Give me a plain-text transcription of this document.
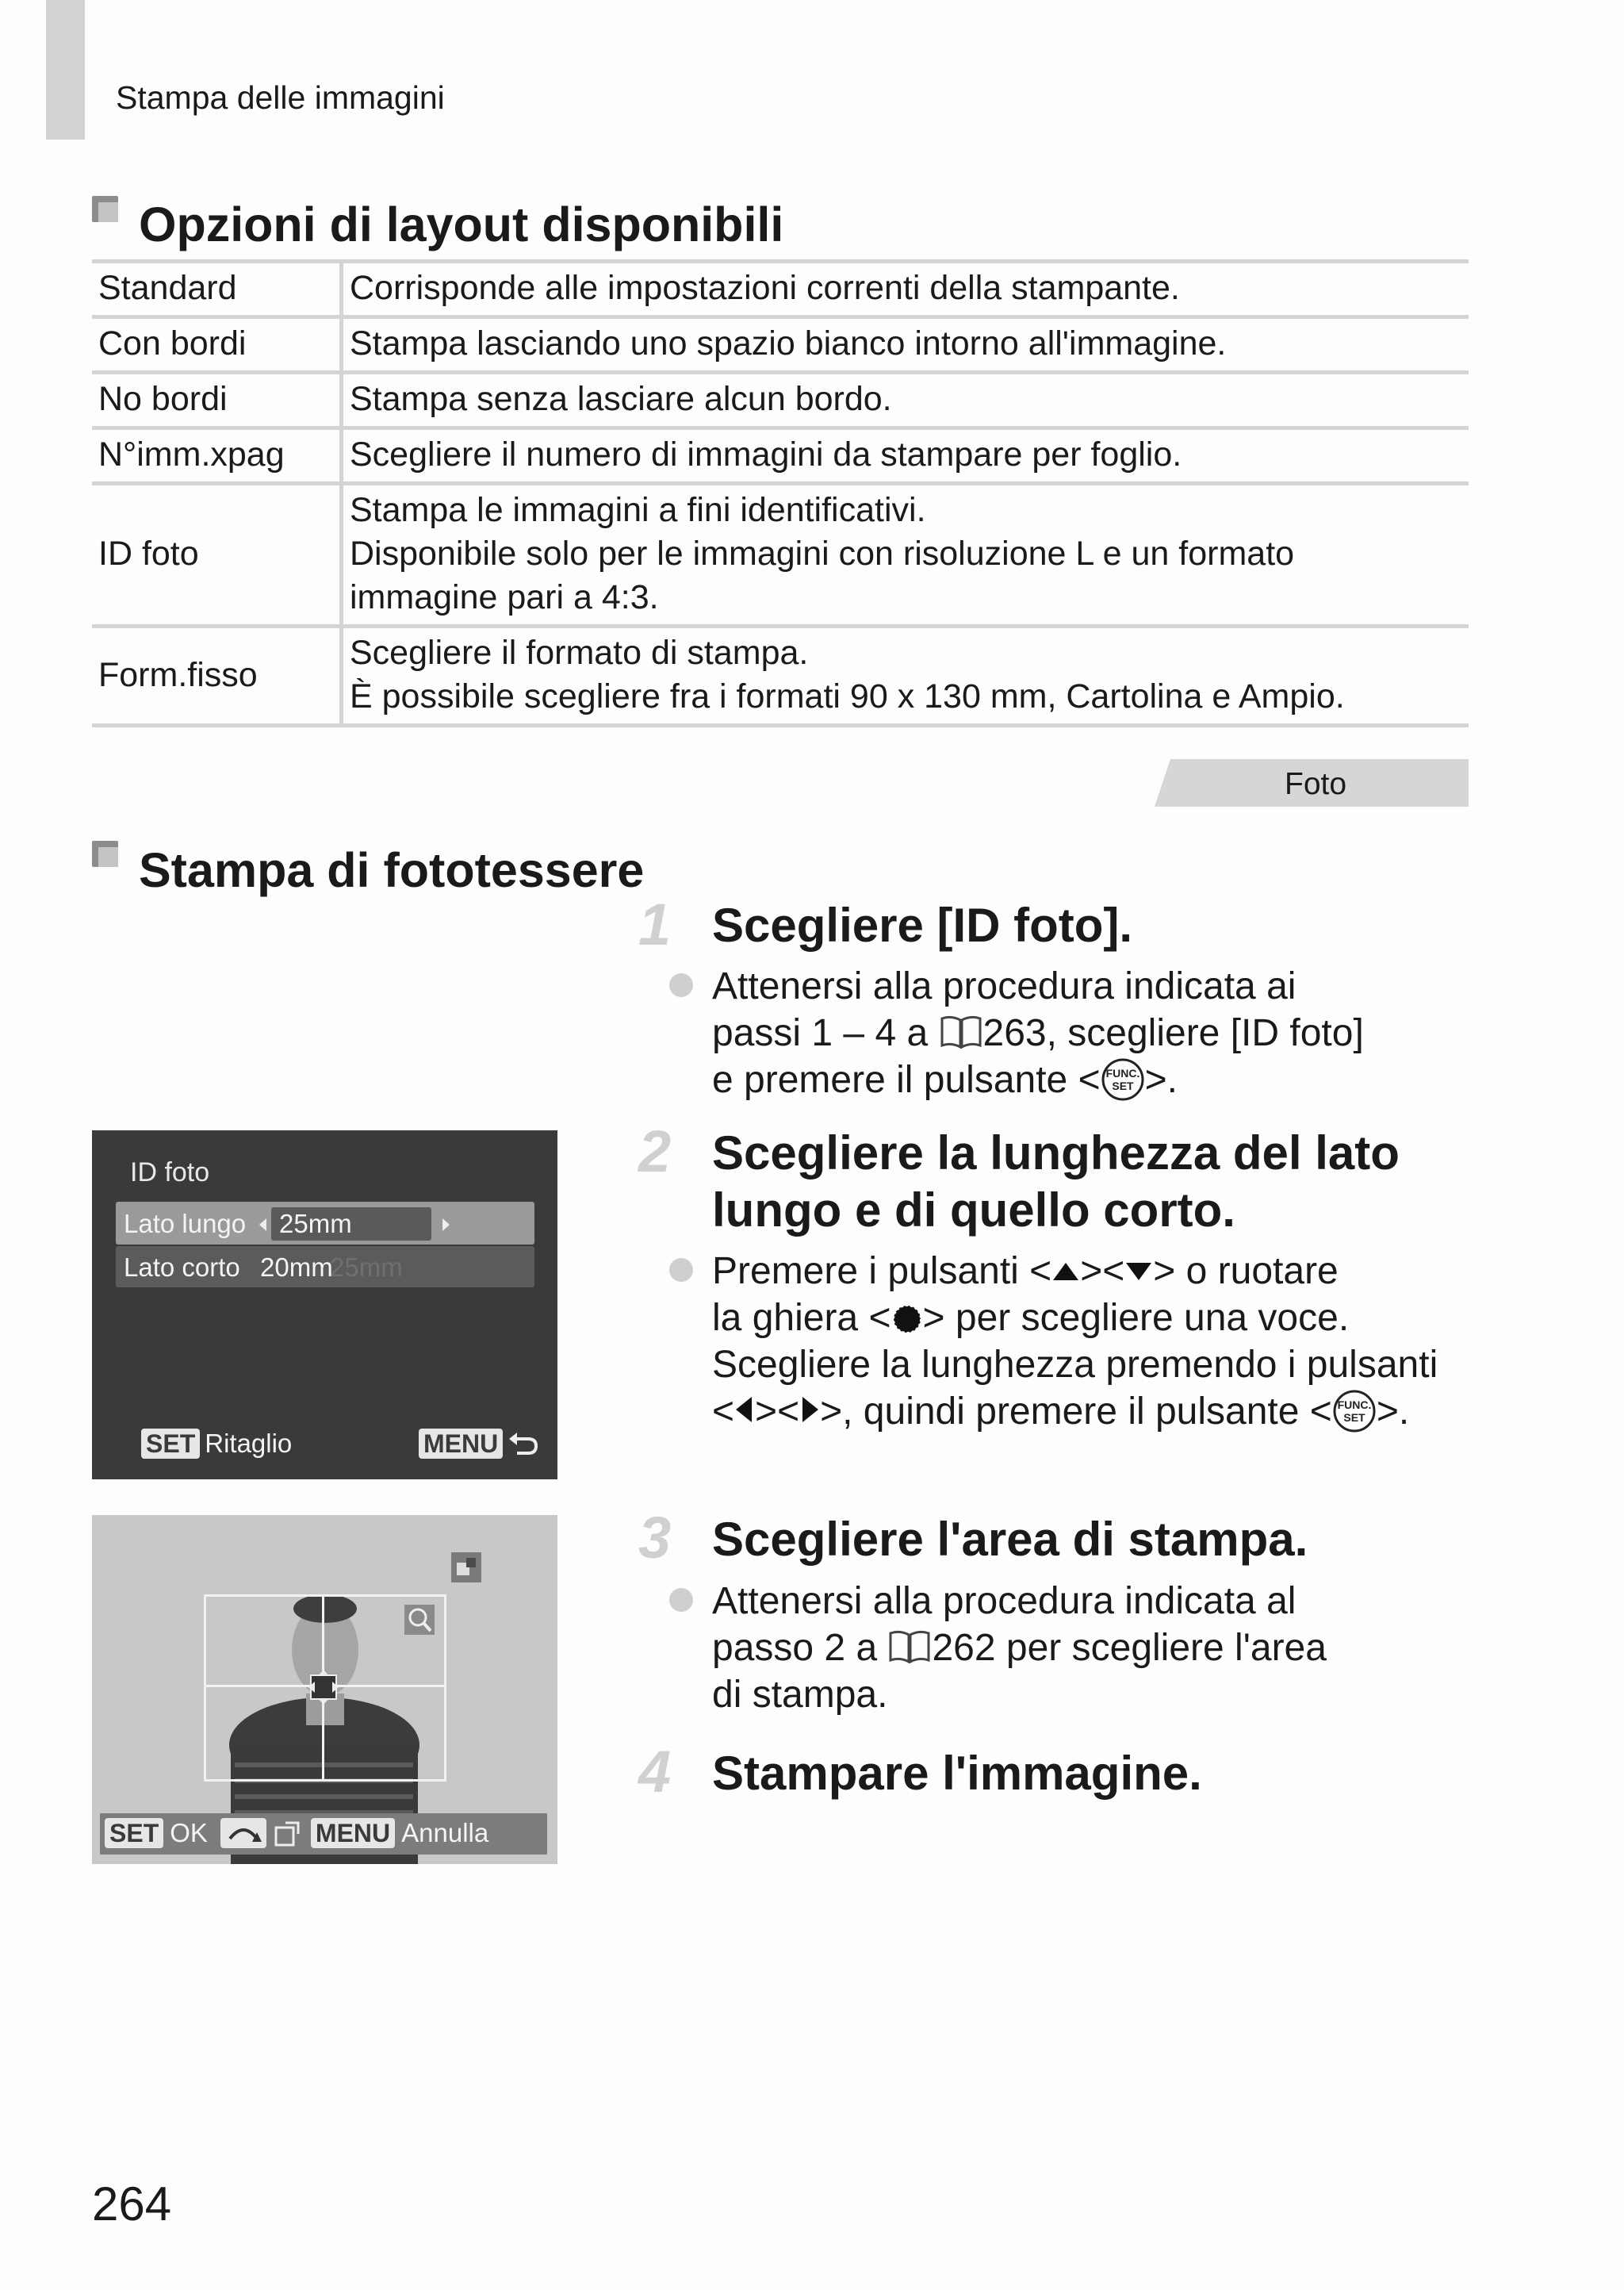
Stampa delle immagini
Opzioni di layout disponibili
Standard	Corrisponde alle impostazioni correnti della stampante.

Con bordi	Stampa lasciando uno spazio bianco intorno all'immagine.

No bordi	Stampa senza lasciare alcun bordo.

N°imm.xpag	Scegliere il numero di immagini da stampare per foglio.

ID foto	Stampa le immagini a fini identificativi.
Disponibile solo per le immagini con risoluzione L e un formato
immagine pari a 4:3.

Form.fisso	Scegliere il formato di stampa.
È possibile scegliere fra i formati 90 x 130 mm, Cartolina e Ampio.
Foto
Stampa di fototessere
1 Scegliere [ID foto].
Attenersi alla procedura indicata ai
passi 1 – 4 a 263, scegliere [ID foto]
e premere il pulsante < FUNC.
SET >.
2 Scegliere la lunghezza del lato
lungo e di quello corto.
Premere i pulsanti < >< > o ruotare
la ghiera < > per scegliere una voce.
Scegliere la lunghezza premendo i pulsanti
< >< >, quindi premere il pulsante < FUNC.
SET >.
3 Scegliere l'area di stampa.
Attenersi alla procedura indicata al
passo 2 a 262 per scegliere l'area
di stampa.
4 Stampare l'immagine.
ID foto
Lato lungo 25mm
Lato corto 20mm
25mm
SET Ritaglio	MENU
SET OK	MENU Annulla
264
